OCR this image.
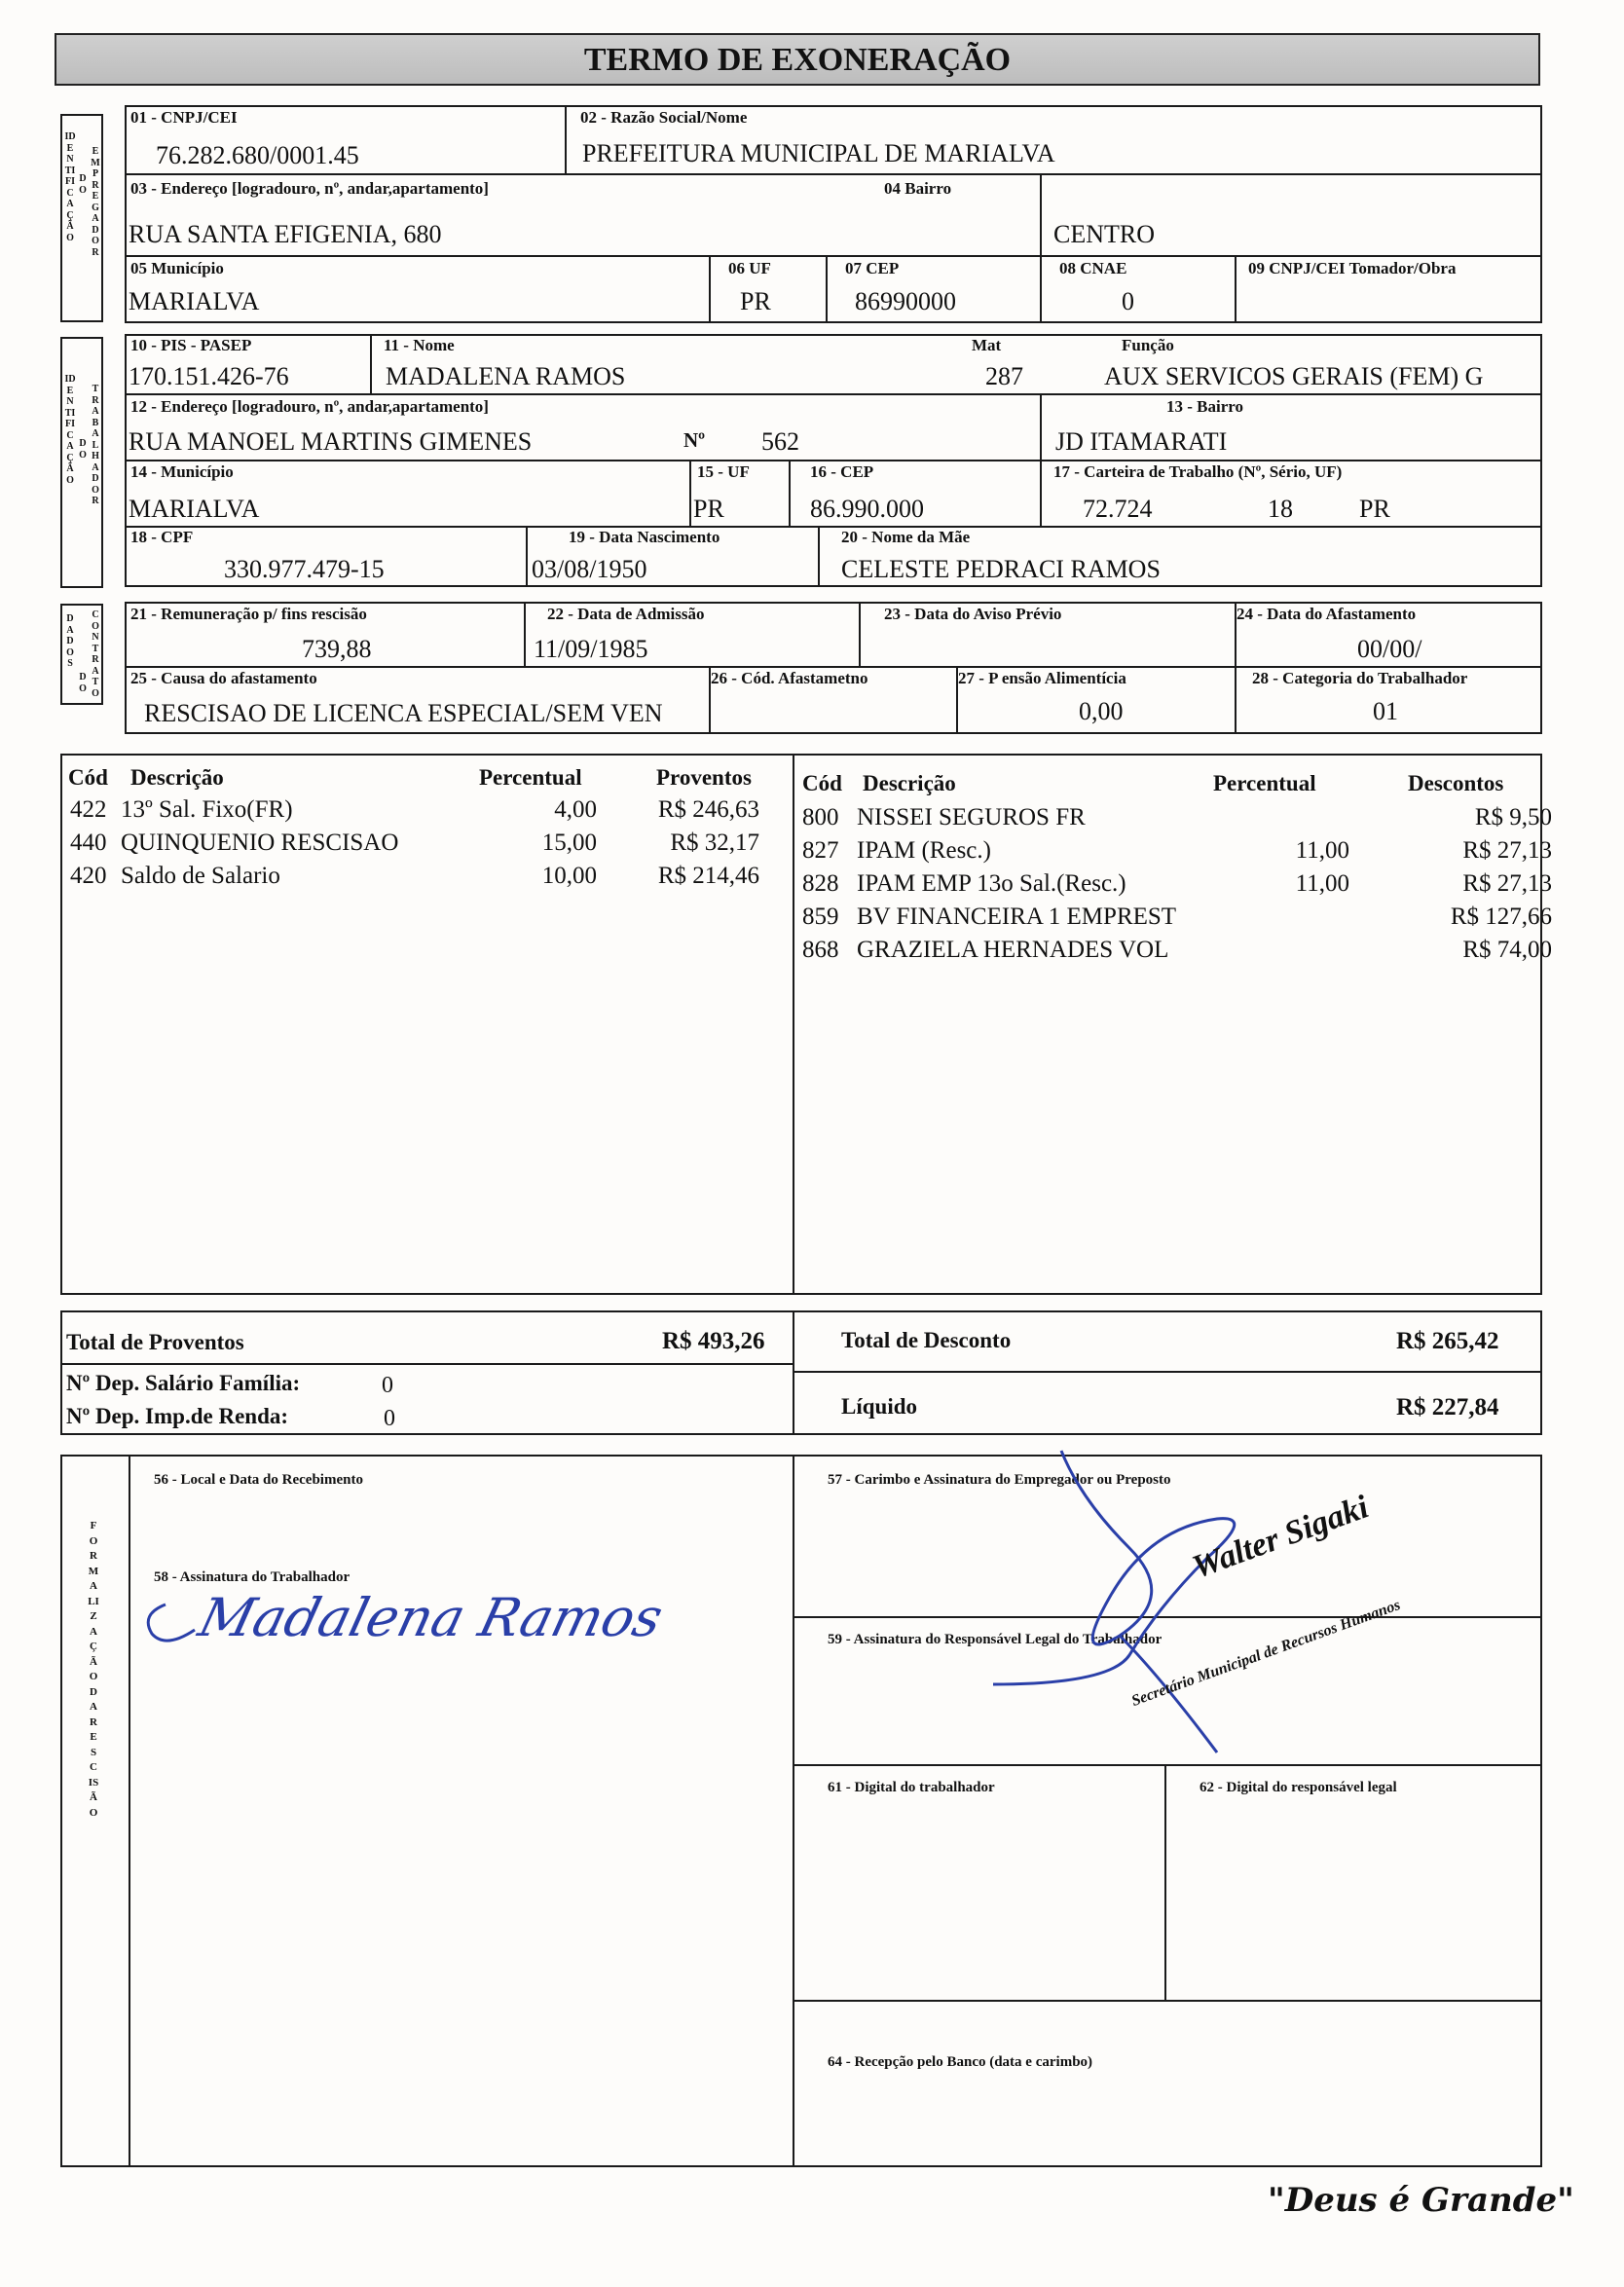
TERMO DE EXONERAÇÃO
IDENTIFICAÇÃO
DO
EMPREGADOR
01 - CNPJ/CEI
76.282.680/0001.45
02 - Razão Social/Nome
PREFEITURA MUNICIPAL DE MARIALVA
03 - Endereço [logradouro, nº, andar,apartamento]
RUA SANTA EFIGENIA, 680
04 Bairro
CENTRO
05 Município
MARIALVA
06 UF
PR
07 CEP
86990000
08 CNAE
0
09 CNPJ/CEI Tomador/Obra
IDENTIFICAÇÃO
DO
TRABALHADOR
10 - PIS - PASEP
170.151.426-76
11 - Nome
MADALENA RAMOS
Mat
287
Função
AUX SERVICOS GERAIS (FEM) G
12 - Endereço [logradouro, nº, andar,apartamento]
RUA MANOEL MARTINS GIMENES	Nº 562
13 - Bairro
JD ITAMARATI
14 - Município
MARIALVA
15 - UF
PR
16 - CEP
86.990.000
17 - Carteira de Trabalho (Nº, Sério, UF)
72.724	18	PR
18 - CPF
330.977.479-15
19 - Data Nascimento
03/08/1950
20 - Nome da Mãe
CELESTE PEDRACI RAMOS
DADOS
DO
CONTRATO
21 - Remuneração p/ fins rescisão
739,88
22 - Data de Admissão
11/09/1985
23 - Data do Aviso Prévio	24 - Data do Afastamento
00/00/
25 - Causa do afastamento
RESCISAO DE LICENCA ESPECIAL/SEM VEN
26 - Cód. Afastametno	27 - P ensão Alimentícia
0,00
28 - Categoria do Trabalhador
01
Cód Descrição	Percentual	Proventos
422 13º Sal. Fixo(FR)	4,00	R$ 246,63
440 QUINQUENIO RESCISAO	15,00	R$ 32,17
420 Saldo de Salario	10,00	R$ 214,46
Cód Descrição	Percentual	Descontos
800 NISSEI SEGUROS FR	R$ 9,50
827 IPAM (Resc.)	11,00	R$ 27,13
828 IPAM EMP 13o Sal.(Resc.)	11,00	R$ 27,13
859 BV FINANCEIRA 1 EMPREST	R$ 127,66
868 GRAZIELA HERNADES VOL	R$ 74,00
Total de Proventos	R$ 493,26	Total de Desconto	R$ 265,42
Nº Dep. Salário Família:	0
Nº Dep. Imp.de Renda:	0	Líquido	R$ 227,84
FORMALIZAÇÃO DA RESCISÃO
56 - Local e Data do Recebimento	57 - Carimbo e Assinatura do Empregador ou Preposto
58 - Assinatura do Trabalhador
59 - Assinatura do Responsável Legal do Trabalhador
61 - Digital do trabalhador	62 - Digital do responsável legal
64 - Recepção pelo Banco (data e carimbo)
Madalena Ramos
Walter Sigaki
Secretário Municipal de Recursos Humanos
"Deus é Grande"
